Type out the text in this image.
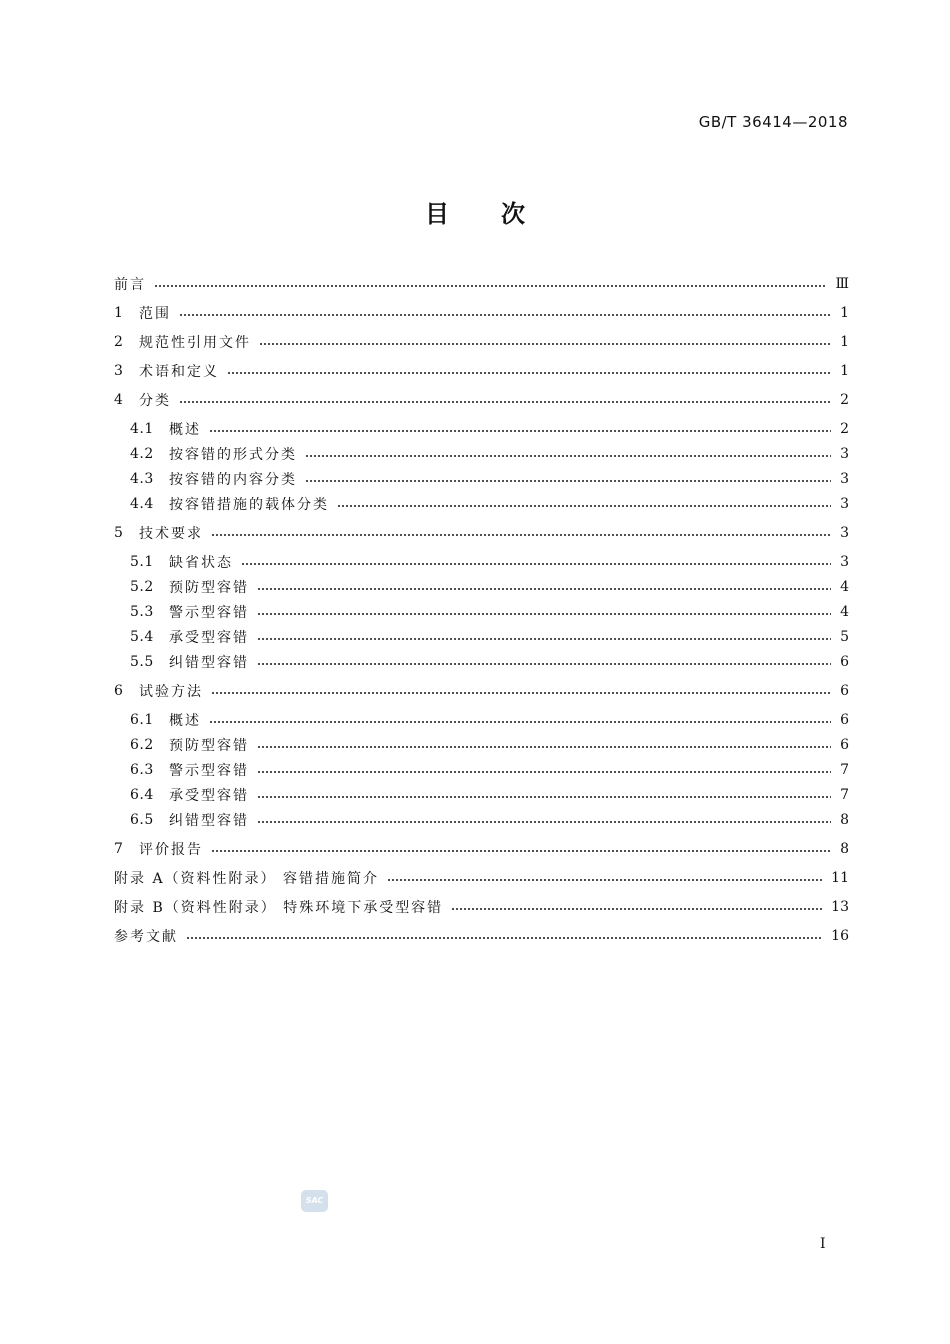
GB/T 36414—2018
目 次
前言	Ⅲ
1	范围	1
2	规范性引用文件	1
3	术语和定义	1
4	分类	2
4.1	概述	2
4.2	按容错的形式分类	3
4.3	按容错的内容分类	3
4.4	按容错措施的载体分类	3
5	技术要求	3
5.1	缺省状态	3
5.2	预防型容错	4
5.3	警示型容错	4
5.4	承受型容错	5
5.5	纠错型容错	6
6	试验方法	6
6.1	概述	6
6.2	预防型容错	6
6.3	警示型容错	7
6.4	承受型容错	7
6.5	纠错型容错	8
7	评价报告	8
附录 A（资料性附录） 容错措施简介	11
附录 B（资料性附录） 特殊环境下承受型容错	13
参考文献	16
SAC
Ⅰ
